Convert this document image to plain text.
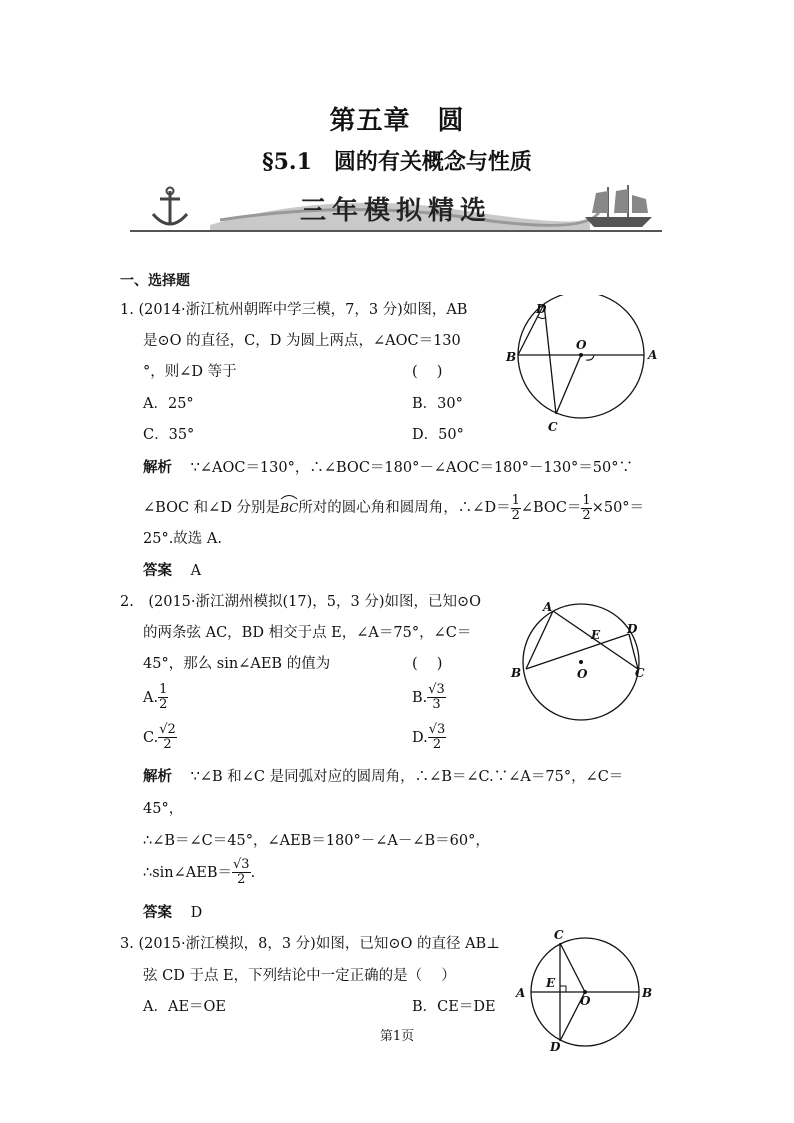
第五章　圆
§5.1　圆的有关概念与性质
三年模拟精选
一、选择题
1. (2014·浙江杭州朝晖中学三模，7，3 分)如图，AB
是⊙O 的直径，C，D 为圆上两点，∠AOC＝130
°，则∠D 等于	(　 )
A．25°	B．30°
C．35°	D．50°
D
O
B	A
C
解析 ∵∠AOC＝130°，∴∠BOC＝180°－∠AOC＝180°－130°＝50°∵
∠BOC 和∠D 分别是 BC 所对的圆心角和圆周角，∴∠D＝ $\frac{1}{2}$ ∠BOC＝ $\frac{1}{2} \times 50^\circ=$
25°.故选 A.
答案 A
2.　(2015·浙江湖州模拟(17)，5，3 分)如图，已知⊙O
的两条弦 AC，BD 相交于点 E，∠A＝75°，∠C＝
45°，那么 sin∠AEB 的值为	(　 )
A. $\frac{1}{2}$	B. $\frac{√3}{3}$
C. $\frac{√2}{2}$	D. $\frac{√3}{2}$
A
E D
B	O	C
解析 ∵∠B 和∠C 是同弧对应的圆周角，∴∠B＝∠C.∵∠A＝75°，∠C＝
45°，
∴∠B＝∠C＝45°，∠AEB＝180°－∠A－∠B＝60°，
∴sin∠AEB＝ $\frac{√3}{2}$ .
答案 D
3. (2015·浙江模拟，8，3 分)如图，已知⊙O 的直径 AB⊥
弦 CD 于点 E，下列结论中一定正确的是（　 ）
A．AE＝OE	B．CE＝DE
C
E
A
O
B
D
第1页
